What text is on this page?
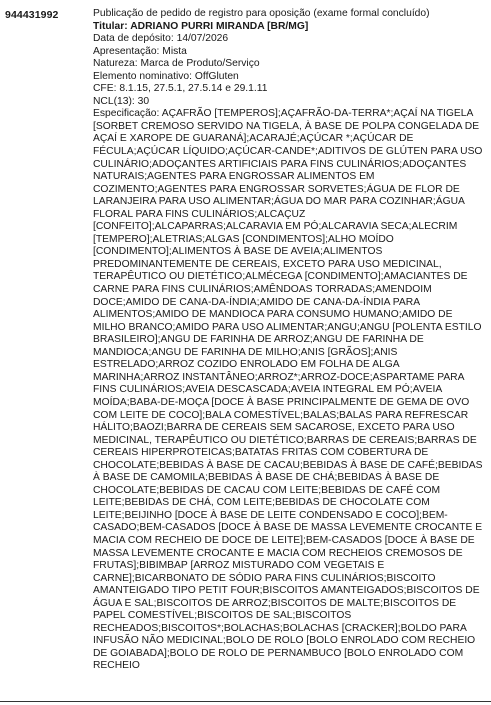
944431992	Publicação de pedido de registro para oposição (exame formal concluído)
Titular: ADRIANO PURRI MIRANDA [BR/MG]
Data de depósito: 14/07/2026
Apresentação: Mista
Natureza: Marca de Produto/Serviço
Elemento nominativo: OffGluten
CFE: 8.1.15, 27.5.1, 27.5.14 e 29.1.11
NCL(13): 30
Especificação: AÇAFRÃO [TEMPEROS];AÇAFRÃO-DA-TERRA*;AÇAÍ NA TIGELA [SORBET CREMOSO SERVIDO NA TIGELA, À BASE DE POLPA CONGELADA DE AÇAÍ E XAROPE DE GUARANÁ];ACARAJÉ;AÇÚCAR *;AÇÚCAR DE FÉCULA;AÇÚCAR LÍQUIDO;AÇÚCAR-CANDE*;ADITIVOS DE GLÚTEN PARA USO CULINÁRIO;ADOÇANTES ARTIFICIAIS PARA FINS CULINÁRIOS;ADOÇANTES NATURAIS;AGENTES PARA ENGROSSAR ALIMENTOS EM COZIMENTO;AGENTES PARA ENGROSSAR SORVETES;ÁGUA DE FLOR DE LARANJEIRA PARA USO ALIMENTAR;ÁGUA DO MAR PARA COZINHAR;ÁGUA FLORAL PARA FINS CULINÁRIOS;ALCAÇUZ [CONFEITO];ALCAPARRAS;ALCARAVIA EM PÓ;ALCARAVIA SECA;ALECRIM [TEMPERO];ALETRIAS;ALGAS [CONDIMENTOS];ALHO MOÍDO [CONDIMENTO];ALIMENTOS À BASE DE AVEIA;ALIMENTOS PREDOMINANTEMENTE DE CEREAIS, EXCETO PARA USO MEDICINAL, TERAPÊUTICO OU DIETÉTICO;ALMÉCEGA [CONDIMENTO];AMACIANTES DE CARNE PARA FINS CULINÁRIOS;AMÊNDOAS TORRADAS;AMENDOIM DOCE;AMIDO DE CANA-DA-ÍNDIA;AMIDO DE CANA-DA-ÍNDIA PARA ALIMENTOS;AMIDO DE MANDIOCA PARA CONSUMO HUMANO;AMIDO DE MILHO BRANCO;AMIDO PARA USO ALIMENTAR;ANGU;ANGU [POLENTA ESTILO BRASILEIRO];ANGU DE FARINHA DE ARROZ;ANGU DE FARINHA DE MANDIOCA;ANGU DE FARINHA DE MILHO;ANIS [GRÃOS];ANIS ESTRELADO;ARROZ COZIDO ENROLADO EM FOLHA DE ALGA MARINHA;ARROZ INSTANTÂNEO;ARROZ*;ARROZ-DOCE;ASPARTAME PARA FINS CULINÁRIOS;AVEIA DESCASCADA;AVEIA INTEGRAL EM PÓ;AVEIA MOÍDA;BABA-DE-MOÇA [DOCE À BASE PRINCIPALMENTE DE GEMA DE OVO COM LEITE DE COCO];BALA COMESTÍVEL;BALAS;BALAS PARA REFRESCAR HÁLITO;BAOZI;BARRA DE CEREAIS SEM SACAROSE, EXCETO PARA USO MEDICINAL, TERAPÊUTICO OU DIETÉTICO;BARRAS DE CEREAIS;BARRAS DE CEREAIS HIPERPROTEICAS;BATATAS FRITAS COM COBERTURA DE CHOCOLATE;BEBIDAS À BASE DE CACAU;BEBIDAS À BASE DE CAFÉ;BEBIDAS À BASE DE CAMOMILA;BEBIDAS À BASE DE CHÁ;BEBIDAS À BASE DE CHOCOLATE;BEBIDAS DE CACAU COM LEITE;BEBIDAS DE CAFÉ COM LEITE;BEBIDAS DE CHÁ, COM LEITE;BEBIDAS DE CHOCOLATE COM LEITE;BEIJINHO [DOCE À BASE DE LEITE CONDENSADO E COCO];BEM-CASADO;BEM-CASADOS [DOCE À BASE DE MASSA LEVEMENTE CROCANTE E MACIA COM RECHEIO DE DOCE DE LEITE];BEM-CASADOS [DOCE À BASE DE MASSA LEVEMENTE CROCANTE E MACIA COM RECHEIOS CREMOSOS DE FRUTAS];BIBIMBAP [ARROZ MISTURADO COM VEGETAIS E CARNE];BICARBONATO DE SÓDIO PARA FINS CULINÁRIOS;BISCOITO AMANTEIGADO TIPO PETIT FOUR;BISCOITOS AMANTEIGADOS;BISCOITOS DE ÁGUA E SAL;BISCOITOS DE ARROZ;BISCOITOS DE MALTE;BISCOITOS DE PAPEL COMESTÍVEL;BISCOITOS DE SAL;BISCOITOS RECHEADOS;BISCOITOS*;BOLACHAS;BOLACHAS [CRACKER];BOLDO PARA INFUSÃO NÃO MEDICINAL;BOLO DE ROLO [BOLO ENROLADO COM RECHEIO DE GOIABADA];BOLO DE ROLO DE PERNAMBUCO [BOLO ENROLADO COM RECHEIO
